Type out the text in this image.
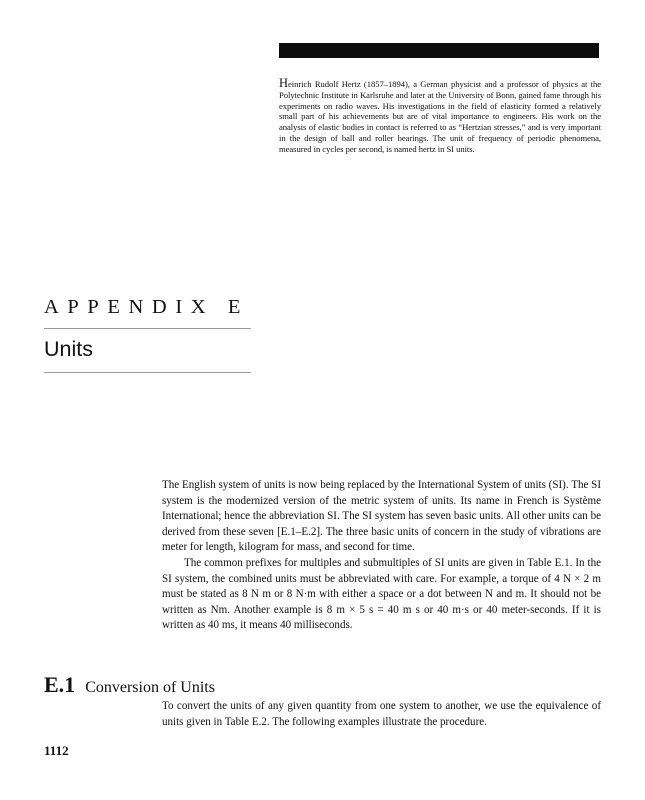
Heinrich Rudolf Hertz (1857–1894), a German physicist and a professor of physics at the Polytechnic Institute in Karlsruhe and later at the University of Bonn, gained fame through his experiments on radio waves. His investigations in the field of elasticity formed a relatively small part of his achievements but are of vital importance to engineers. His work on the analysis of elastic bodies in contact is referred to as “Hertzian stresses,” and is very important in the design of ball and roller bearings. The unit of frequency of periodic phenomena, measured in cycles per second, is named hertz in SI units.
APPENDIX E
Units

The English system of units is now being replaced by the International System of units (SI). The SI system is the modernized version of the metric system of units. Its name in French is Système International; hence the abbreviation SI. The SI system has seven basic units. All other units can be derived from these seven [E.1–E.2]. The three basic units of concern in the study of vibrations are meter for length, kilogram for mass, and second for time.

The common prefixes for multiples and submultiples of SI units are given in Table E.1. In the SI system, the combined units must be abbreviated with care. For example, a torque of 4 N × 2 m must be stated as 8 N m or 8 N·m with either a space or a dot between N and m. It should not be written as Nm. Another example is 8 m × 5 s = 40 m s or 40 m·s or 40 meter-seconds. If it is written as 40 ms, it means 40 milliseconds.

E.1 Conversion of Units

To convert the units of any given quantity from one system to another, we use the equivalence of units given in Table E.2. The following examples illustrate the procedure.

1112
